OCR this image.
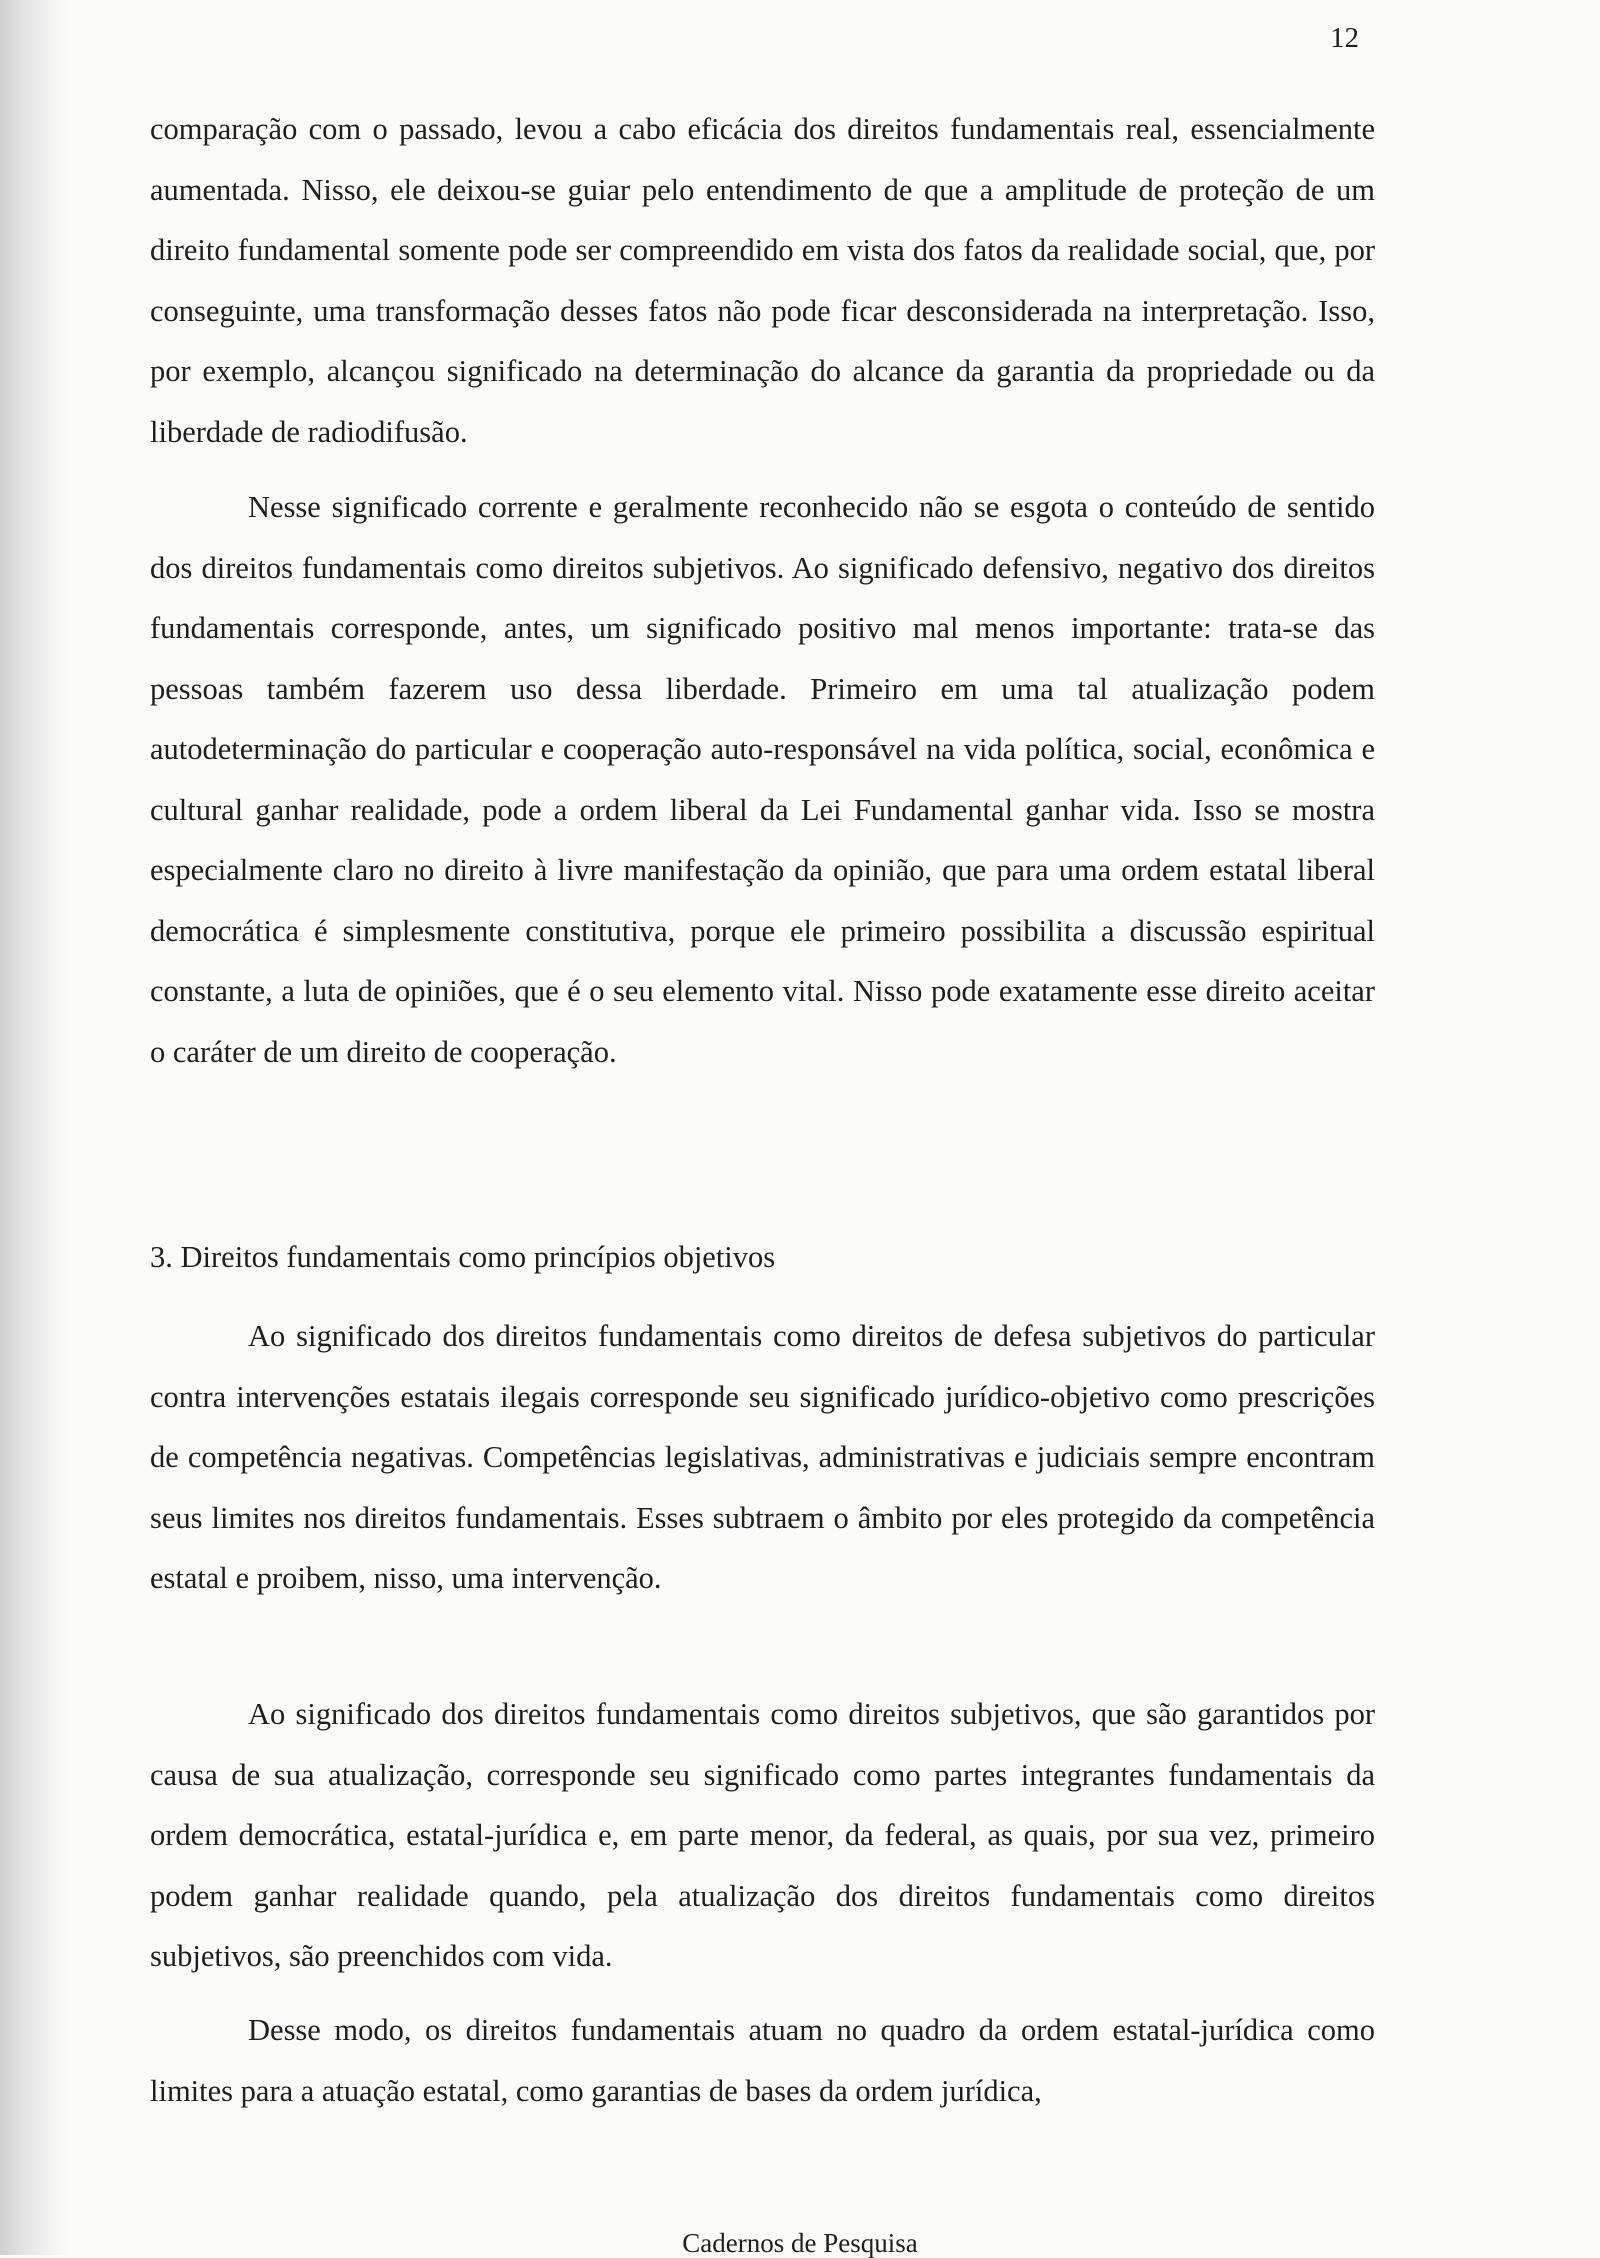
12

comparação com o passado, levou a cabo eficácia dos direitos fundamentais real, essencialmente aumentada. Nisso, ele deixou-se guiar pelo entendimento de que a amplitude de proteção de um direito fundamental somente pode ser compreendido em vista dos fatos da realidade social, que, por conseguinte, uma transformação desses fatos não pode ficar desconsiderada na interpretação. Isso, por exemplo, alcançou significado na determinação do alcance da garantia da propriedade ou da liberdade de radiodifusão.

Nesse significado corrente e geralmente reconhecido não se esgota o conteúdo de sentido dos direitos fundamentais como direitos subjetivos. Ao significado defensivo, negativo dos direitos fundamentais corresponde, antes, um significado positivo mal menos importante: trata-se das pessoas também fazerem uso dessa liberdade. Primeiro em uma tal atualização podem autodeterminação do particular e cooperação auto-responsável na vida política, social, econômica e cultural ganhar realidade, pode a ordem liberal da Lei Fundamental ganhar vida. Isso se mostra especialmente claro no direito à livre manifestação da opinião, que para uma ordem estatal liberal democrática é simplesmente constitutiva, porque ele primeiro possibilita a discussão espiritual constante, a luta de opiniões, que é o seu elemento vital. Nisso pode exatamente esse direito aceitar o caráter de um direito de cooperação.

3. Direitos fundamentais como princípios objetivos

Ao significado dos direitos fundamentais como direitos de defesa subjetivos do particular contra intervenções estatais ilegais corresponde seu significado jurídico-objetivo como prescrições de competência negativas. Competências legislativas, administrativas e judiciais sempre encontram seus limites nos direitos fundamentais. Esses subtraem o âmbito por eles protegido da competência estatal e proibem, nisso, uma intervenção.

Ao significado dos direitos fundamentais como direitos subjetivos, que são garantidos por causa de sua atualização, corresponde seu significado como partes integrantes fundamentais da ordem democrática, estatal-jurídica e, em parte menor, da federal, as quais, por sua vez, primeiro podem ganhar realidade quando, pela atualização dos direitos fundamentais como direitos subjetivos, são preenchidos com vida.

Desse modo, os direitos fundamentais atuam no quadro da ordem estatal-jurídica como limites para a atuação estatal, como garantias de bases da ordem jurídica,

Cadernos de Pesquisa
